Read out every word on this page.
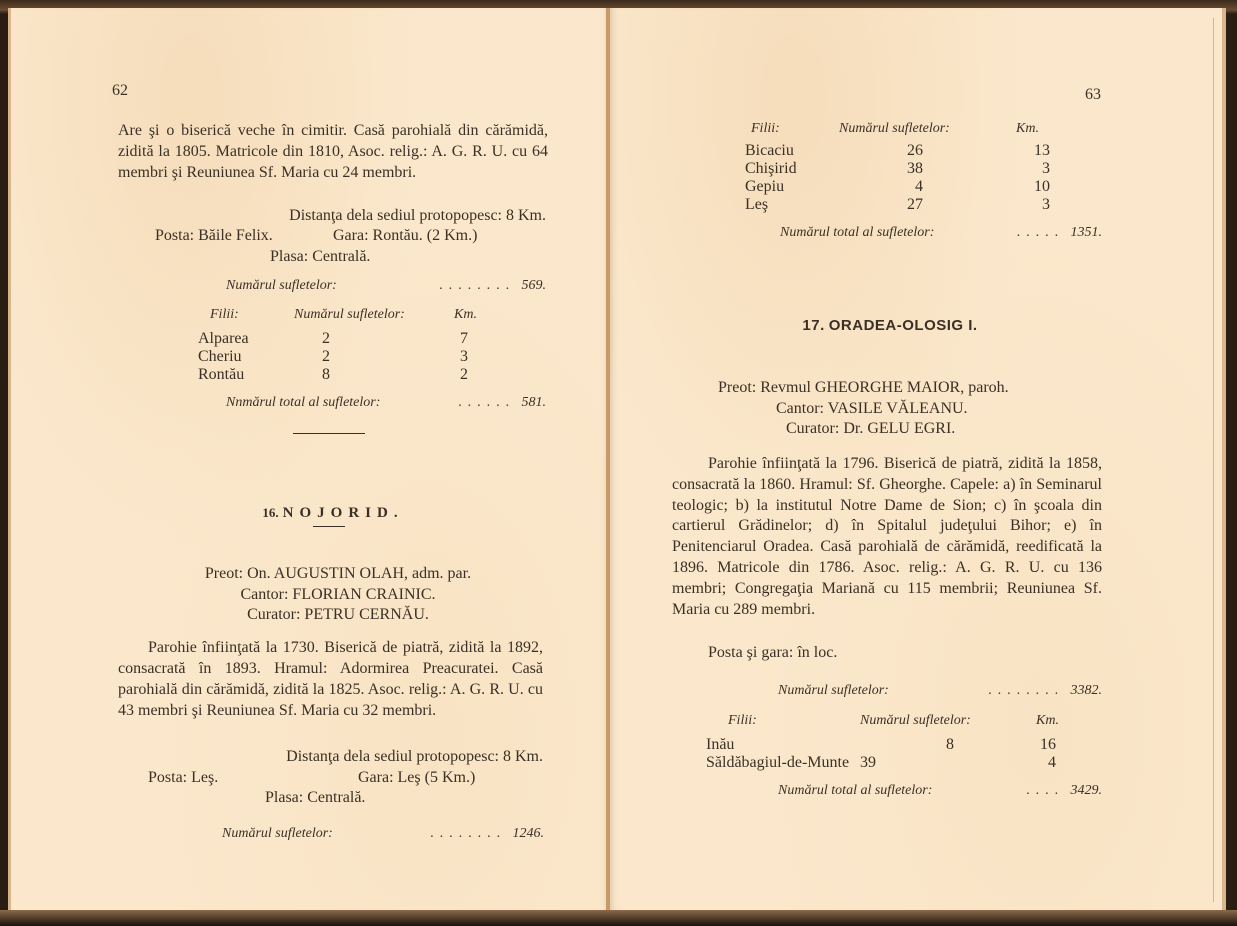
62
Are şi o biserică veche în cimitir. Casă parohială din cărămidă, zidită la 1805. Matricole din 1810, Asoc. relig.: A. G. R. U. cu 64 membri şi Reuniunea Sf. Maria cu 24 membri.
Distanţa dela sediul protopopesc: 8 Km.
Posta: Băile Felix.	Gara: Rontău. (2 Km.)
Plasa: Centrală.
Numărul sufletelor:	........ 569.
Filii:	Numărul sufletelor:	Km.

Alparea	2	7
Cheriu	2	3
Rontău	8	2
Nnmărul total al sufletelor:	...... 581.
16. NOJORID.
Preot: On. AUGUSTIN OLAH, adm. par.
Cantor: FLORIAN CRAINIC.
Curator: PETRU CERNĂU.
Parohie înfiinţată la 1730. Biserică de piatră, zidită la 1892, consacrată în 1893. Hramul: Adormirea Preacuratei. Casă parohială din cărămidă, zidită la 1825. Asoc. relig.: A. G. R. U. cu 43 membri şi Reuniunea Sf. Maria cu 32 membri.
Distanţa dela sediul protopopesc: 8 Km.
Posta: Leş.	Gara: Leş (5 Km.)
Plasa: Centrală.
Numărul sufletelor:	........ 1246.
63
Filii:	Numărul sufletelor:	Km.

Bicaciu	26	13
Chişirid	38	3
Gepiu	4	10
Leş	27	3
Numărul total al sufletelor:	..... 1351.
17. ORADEA-OLOSIG I.
Preot: Revmul GHEORGHE MAIOR, paroh.
Cantor: VASILE VĂLEANU.
Curator: Dr. GELU EGRI.
Parohie înfiinţată la 1796. Biserică de piatră, zidită la 1858, consacrată la 1860. Hramul: Sf. Gheorghe. Capele: a) în Seminarul teologic; b) la institutul Notre Dame de Sion; c) în şcoala din cartierul Grădinelor; d) în Spitalul judeţului Bihor; e) în Penitenciarul Oradea. Casă parohială de cărămidă, reedificată la 1896. Matricole din 1786. Asoc. relig.: A. G. R. U. cu 136 membri; Congregaţia Mariană cu 115 membrii; Reuniunea Sf. Maria cu 289 membri.
Posta şi gara: în loc.
Numărul sufletelor:	........ 3382.
Filii:	Numărul sufletelor:	Km.

Inău	8	16
Săldăbagiul-de-Munte	39	4
Numărul total al sufletelor:	.... 3429.
